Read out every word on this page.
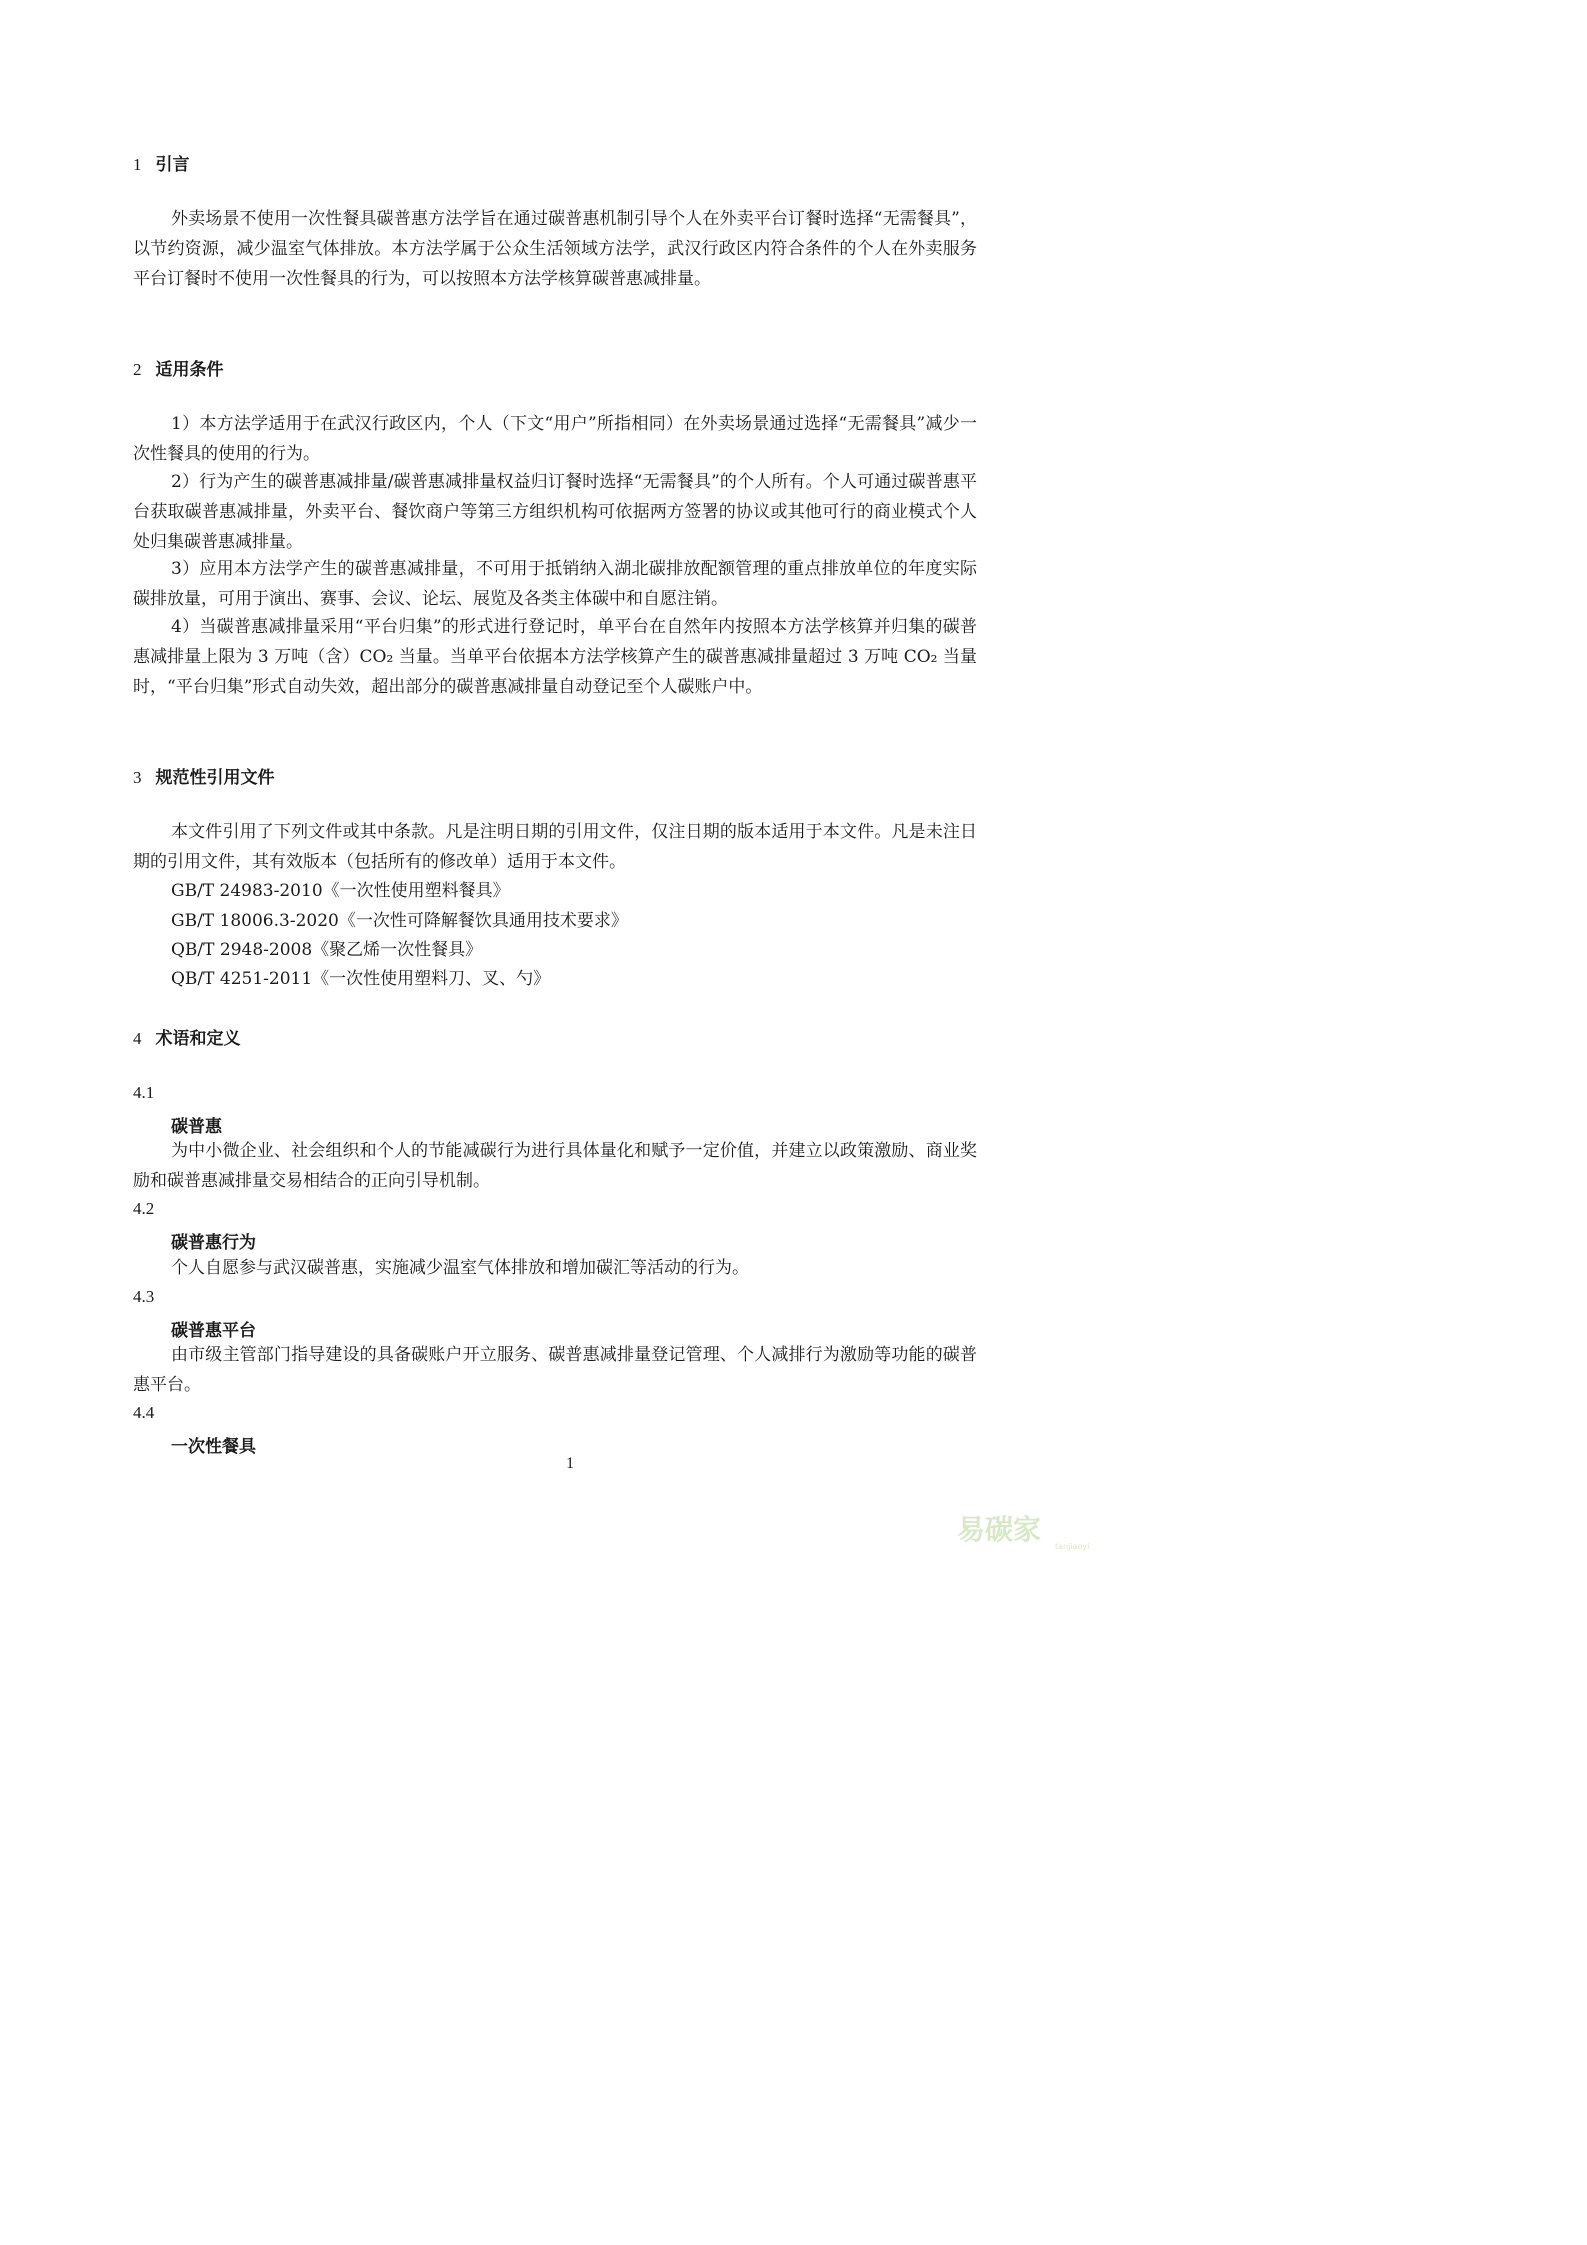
1 引言

外卖场景不使用一次性餐具碳普惠方法学旨在通过碳普惠机制引导个人在外卖平台订餐时选择“无需餐具”，以节约资源，减少温室气体排放。本方法学属于公众生活领域方法学，武汉行政区内符合条件的个人在外卖服务平台订餐时不使用一次性餐具的行为，可以按照本方法学核算碳普惠减排量。

2 适用条件

1）本方法学适用于在武汉行政区内，个人（下文“用户”所指相同）在外卖场景通过选择“无需餐具”减少一次性餐具的使用的行为。

2）行为产生的碳普惠减排量/碳普惠减排量权益归订餐时选择“无需餐具”的个人所有。个人可通过碳普惠平台获取碳普惠减排量，外卖平台、餐饮商户等第三方组织机构可依据两方签署的协议或其他可行的商业模式个人处归集碳普惠减排量。

3）应用本方法学产生的碳普惠减排量，不可用于抵销纳入湖北碳排放配额管理的重点排放单位的年度实际碳排放量，可用于演出、赛事、会议、论坛、展览及各类主体碳中和自愿注销。

4）当碳普惠减排量采用“平台归集”的形式进行登记时，单平台在自然年内按照本方法学核算并归集的碳普惠减排量上限为 3 万吨（含）CO₂ 当量。当单平台依据本方法学核算产生的碳普惠减排量超过 3 万吨 CO₂ 当量时，“平台归集”形式自动失效，超出部分的碳普惠减排量自动登记至个人碳账户中。

3 规范性引用文件

本文件引用了下列文件或其中条款。凡是注明日期的引用文件，仅注日期的版本适用于本文件。凡是未注日期的引用文件，其有效版本（包括所有的修改单）适用于本文件。

GB/T 24983-2010《一次性使用塑料餐具》
GB/T 18006.3-2020《一次性可降解餐饮具通用技术要求》
QB/T 2948-2008《聚乙烯一次性餐具》
QB/T 4251-2011《一次性使用塑料刀、叉、勺》
4 术语和定义
4.1
碳普惠

为中小微企业、社会组织和个人的节能减碳行为进行具体量化和赋予一定价值，并建立以政策激励、商业奖励和碳普惠减排量交易相结合的正向引导机制。

4.2
碳普惠行为

个人自愿参与武汉碳普惠，实施减少温室气体排放和增加碳汇等活动的行为。

4.3
碳普惠平台

由市级主管部门指导建设的具备碳账户开立服务、碳普惠减排量登记管理、个人减排行为激励等功能的碳普惠平台。

4.4
一次性餐具
1
易碳家
tanjiaoyi
